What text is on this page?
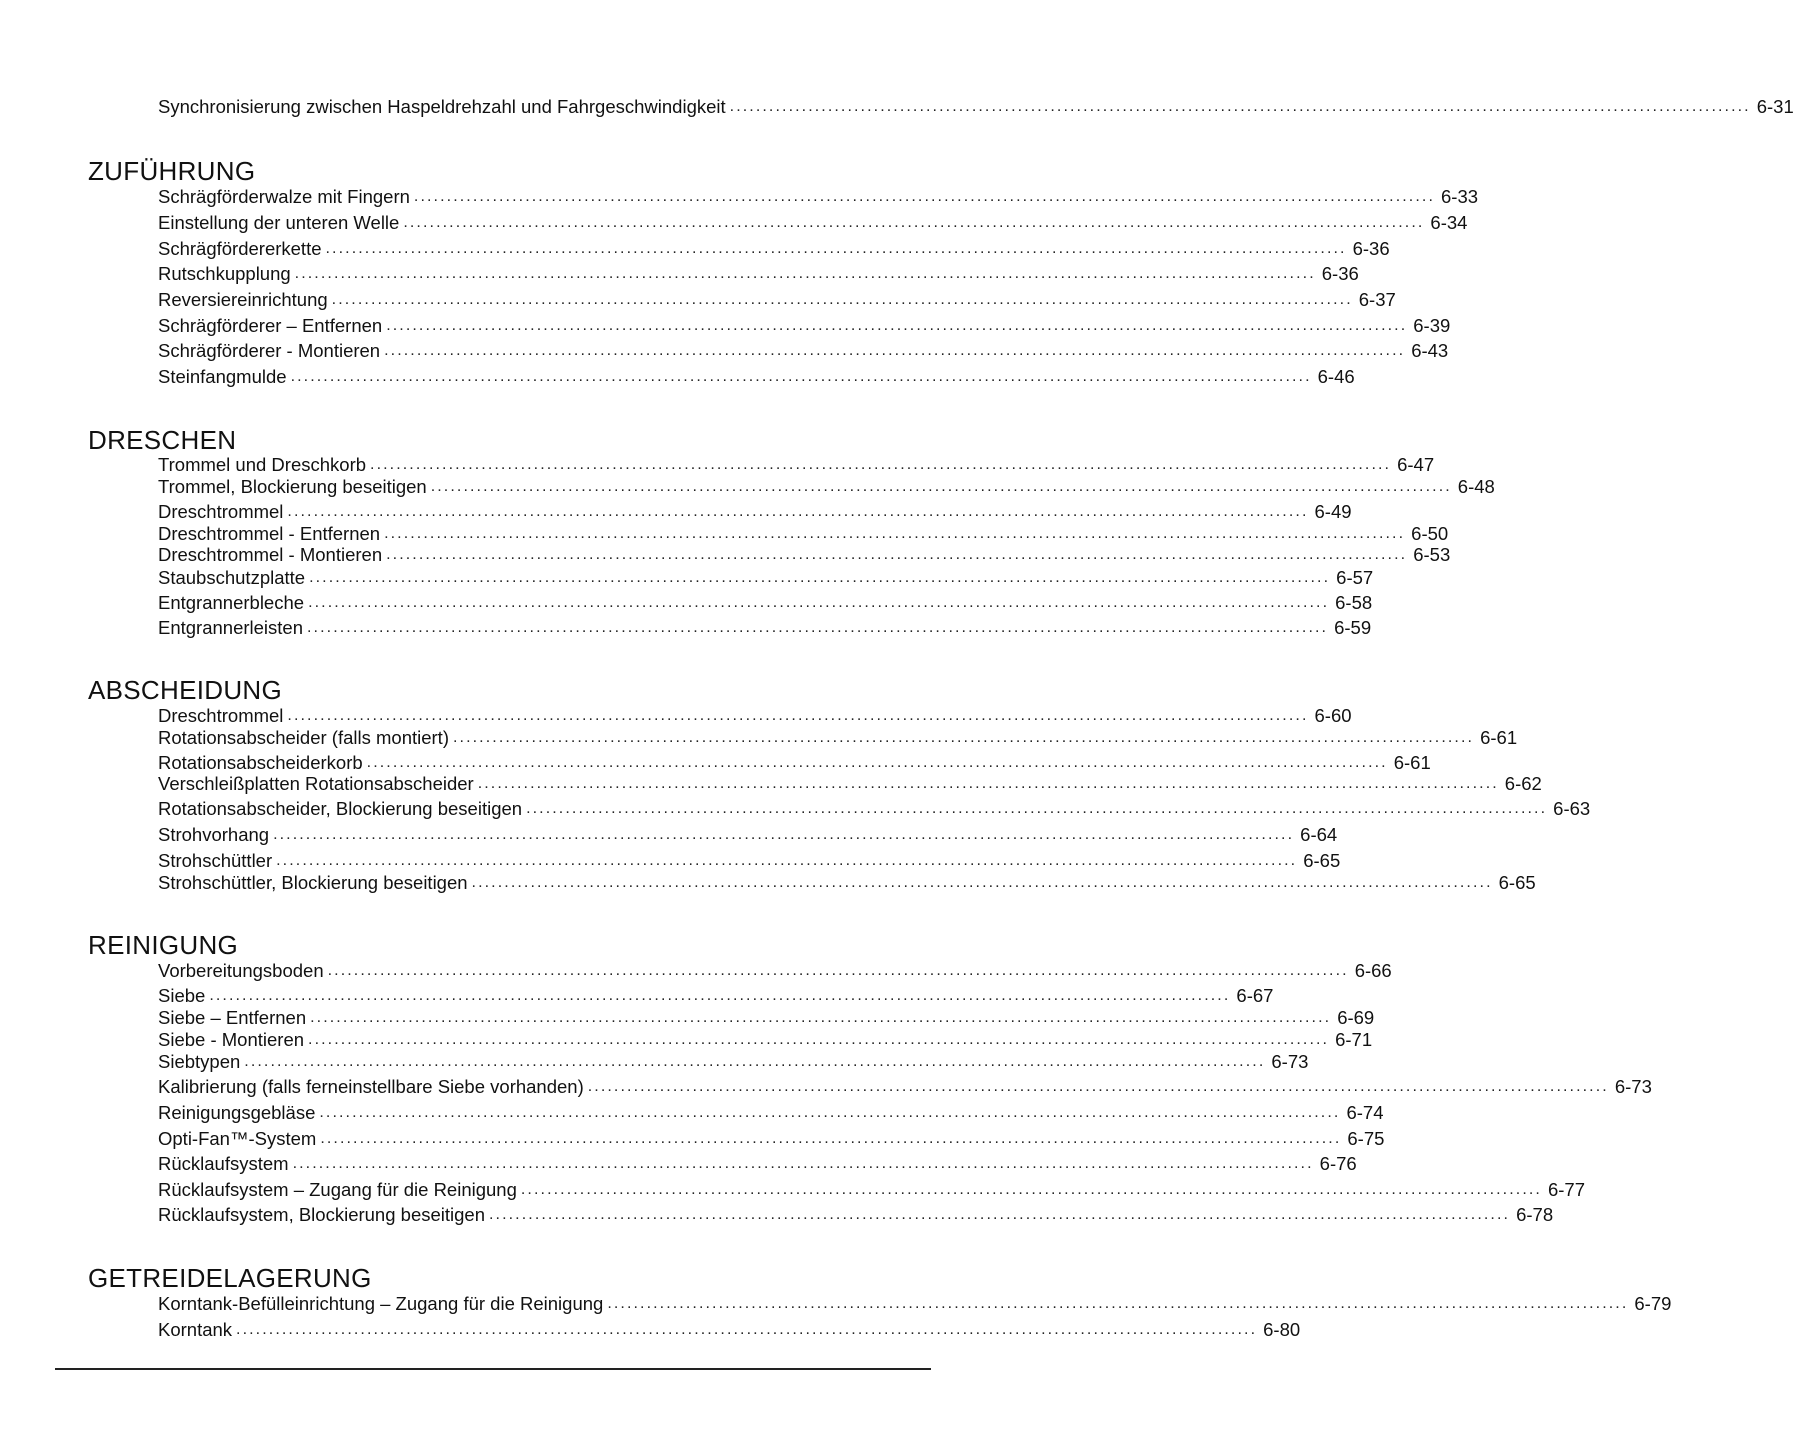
Synchronisierung zwischen Haspeldrehzahl und Fahrgeschwindigkeit ............................................................................................................................................................ 6-31
ZUFÜHRUNG
Schrägförderwalze mit Fingern ............................................................................................................................................................ 6-33
Einstellung der unteren Welle ............................................................................................................................................................ 6-34
Schrägfördererkette ............................................................................................................................................................ 6-36
Rutschkupplung ............................................................................................................................................................ 6-36
Reversiereinrichtung ............................................................................................................................................................ 6-37
Schrägförderer – Entfernen ............................................................................................................................................................ 6-39
Schrägförderer - Montieren ............................................................................................................................................................ 6-43
Steinfangmulde ............................................................................................................................................................ 6-46
DRESCHEN
Trommel und Dreschkorb ............................................................................................................................................................ 6-47
Trommel, Blockierung beseitigen ............................................................................................................................................................ 6-48
Dreschtrommel ............................................................................................................................................................ 6-49
Dreschtrommel - Entfernen ............................................................................................................................................................ 6-50
Dreschtrommel - Montieren ............................................................................................................................................................ 6-53
Staubschutzplatte ............................................................................................................................................................ 6-57
Entgrannerbleche ............................................................................................................................................................ 6-58
Entgrannerleisten ............................................................................................................................................................ 6-59
ABSCHEIDUNG
Dreschtrommel ............................................................................................................................................................ 6-60
Rotationsabscheider (falls montiert) ............................................................................................................................................................ 6-61
Rotationsabscheiderkorb ............................................................................................................................................................ 6-61
Verschleißplatten Rotationsabscheider ............................................................................................................................................................ 6-62
Rotationsabscheider, Blockierung beseitigen ............................................................................................................................................................ 6-63
Strohvorhang ............................................................................................................................................................ 6-64
Strohschüttler ............................................................................................................................................................ 6-65
Strohschüttler, Blockierung beseitigen ............................................................................................................................................................ 6-65
REINIGUNG
Vorbereitungsboden ............................................................................................................................................................ 6-66
Siebe ............................................................................................................................................................ 6-67
Siebe – Entfernen ............................................................................................................................................................ 6-69
Siebe - Montieren ............................................................................................................................................................ 6-71
Siebtypen ............................................................................................................................................................ 6-73
Kalibrierung (falls ferneinstellbare Siebe vorhanden) ............................................................................................................................................................ 6-73
Reinigungsgebläse ............................................................................................................................................................ 6-74
Opti-Fan™-System ............................................................................................................................................................ 6-75
Rücklaufsystem ............................................................................................................................................................ 6-76
Rücklaufsystem – Zugang für die Reinigung ............................................................................................................................................................ 6-77
Rücklaufsystem, Blockierung beseitigen ............................................................................................................................................................ 6-78
GETREIDELAGERUNG
Korntank-Befülleinrichtung – Zugang für die Reinigung ............................................................................................................................................................ 6-79
Korntank ............................................................................................................................................................ 6-80
